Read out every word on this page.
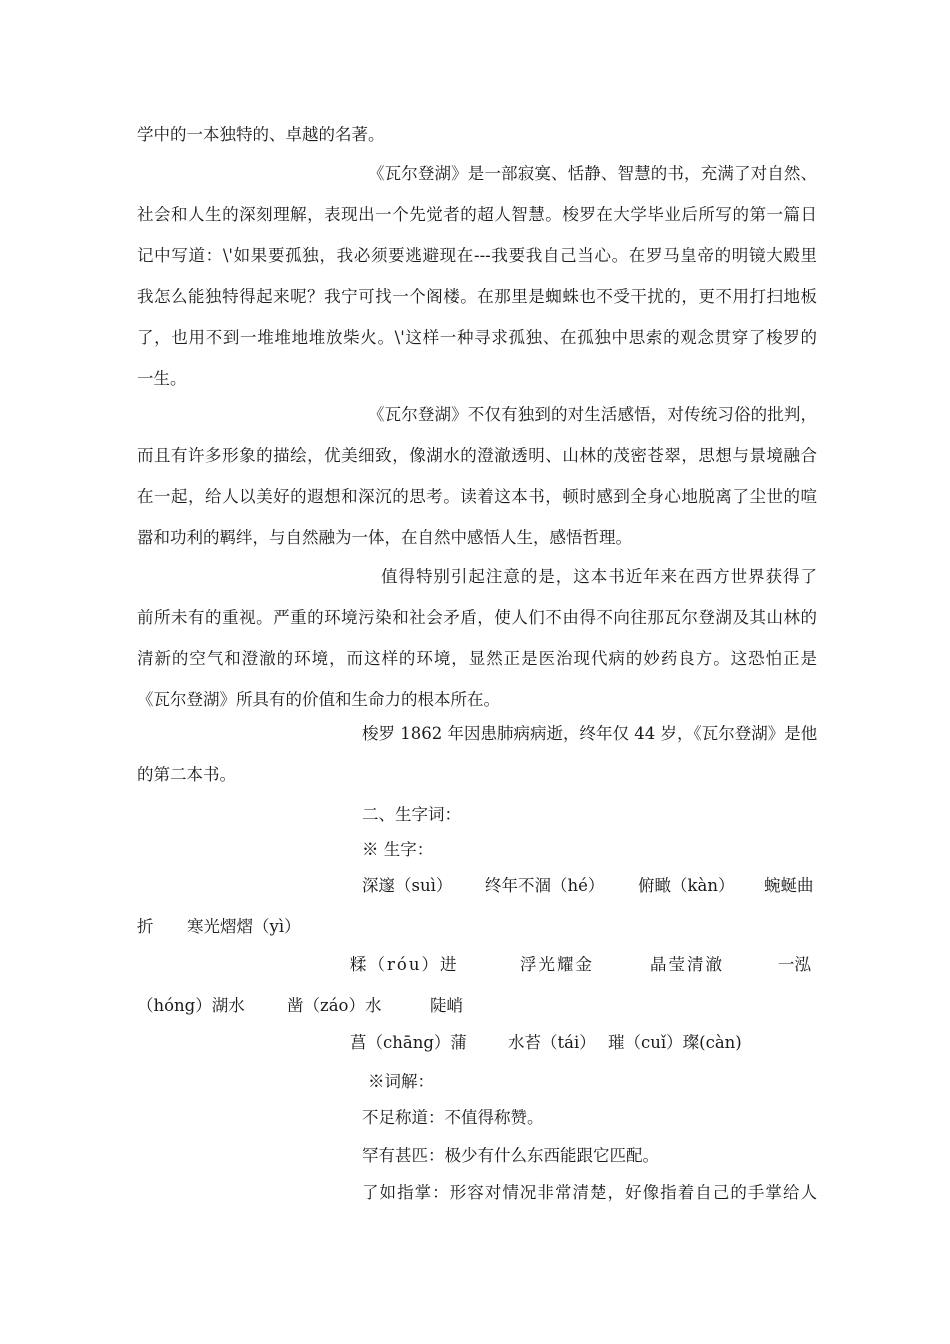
学中的一本独特的、卓越的名著。
《瓦尔登湖》是一部寂寞、恬静、智慧的书，充满了对自然、
社会和人生的深刻理解，表现出一个先觉者的超人智慧。梭罗在大学毕业后所写的第一篇日
记中写道：\'如果要孤独，我必须要逃避现在---我要我自己当心。在罗马皇帝的明镜大殿里
我怎么能独特得起来呢？我宁可找一个阁楼。在那里是蜘蛛也不受干扰的，更不用打扫地板
了，也用不到一堆堆地堆放柴火。\'这样一种寻求孤独、在孤独中思索的观念贯穿了梭罗的
一生。
《瓦尔登湖》不仅有独到的对生活感悟，对传统习俗的批判，
而且有许多形象的描绘，优美细致，像湖水的澄澈透明、山林的茂密苍翠，思想与景境融合
在一起，给人以美好的遐想和深沉的思考。读着这本书，顿时感到全身心地脱离了尘世的喧
嚣和功利的羁绊，与自然融为一体，在自然中感悟人生，感悟哲理。
值得特别引起注意的是，这本书近年来在西方世界获得了
前所未有的重视。严重的环境污染和社会矛盾，使人们不由得不向往那瓦尔登湖及其山林的
清新的空气和澄澈的环境，而这样的环境，显然正是医治现代病的妙药良方。这恐怕正是
《瓦尔登湖》所具有的价值和生命力的根本所在。
梭罗 1862 年因患肺病病逝，终年仅 44 岁，《瓦尔登湖》是他
的第二本书。
二、生字词：
※ 生字：
深邃（suì） 终年不涸（hé） 俯瞰（kàn） 蜿蜒曲
折 寒光熠熠（yì）
糅（róu）进	浮光耀金	晶莹清澈	一泓
（hóng）湖水	凿（záo）水	陡峭
菖（chāng）蒲 水苔（tái） 璀（cuǐ）璨(càn)
※词解：
不足称道：不值得称赞。
罕有甚匹：极少有什么东西能跟它匹配。
了如指掌：形容对情况非常清楚，好像指着自己的手掌给人
